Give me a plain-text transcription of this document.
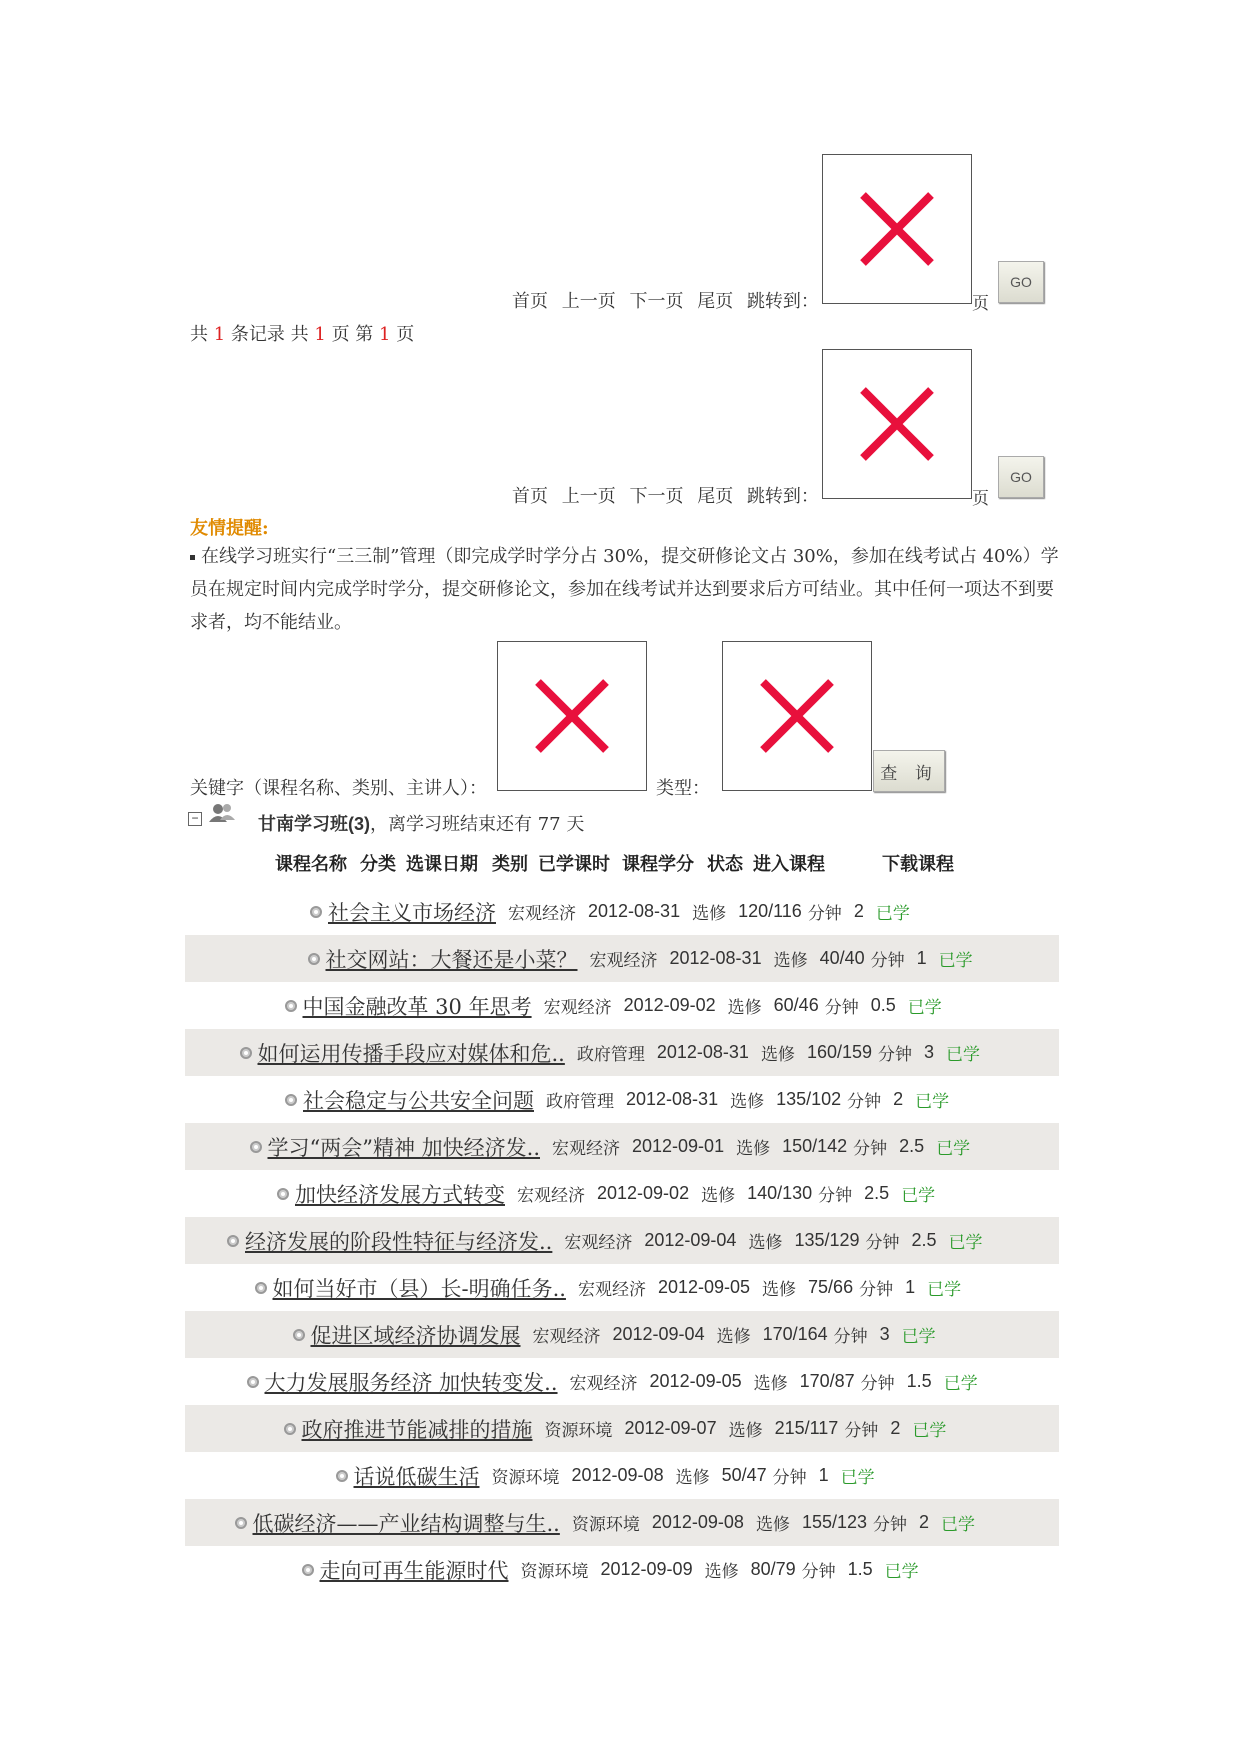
首页 上一页 下一页 尾页 跳转到：	页
GO
共 1 条记录 共 1 页 第 1 页
首页 上一页 下一页 尾页 跳转到：	页
GO
友情提醒:
在线学习班实行“三三制”管理（即完成学时学分占 30%，提交研修论文占 30%，参加在线考试占 40%）学员在规定时间内完成学时学分，提交研修论文，参加在线考试并达到要求后方可结业。其中任何一项达不到要求者，均不能结业。
关键字（课程名称、类别、主讲人）：	类型：
查 询
−	甘南学习班(3)，离学习班结束还有 77 天
课程名称 分类 选课日期 类别 已学课时 课程学分 状态 进入课程	下载课程
社会主义市场经济 宏观经济 2012-08-31 选修 120/116 分钟 2 已学
社交网站：大餐还是小菜？ 宏观经济 2012-08-31 选修 40/40 分钟 1 已学
中国金融改革 30 年思考 宏观经济 2012-09-02 选修 60/46 分钟 0.5 已学
如何运用传播手段应对媒体和危.. 政府管理 2012-08-31 选修 160/159 分钟 3 已学
社会稳定与公共安全问题 政府管理 2012-08-31 选修 135/102 分钟 2 已学
学习“两会”精神 加快经济发.. 宏观经济 2012-09-01 选修 150/142 分钟 2.5 已学
加快经济发展方式转变 宏观经济 2012-09-02 选修 140/130 分钟 2.5 已学
经济发展的阶段性特征与经济发.. 宏观经济 2012-09-04 选修 135/129 分钟 2.5 已学
如何当好市（县）长-明确任务.. 宏观经济 2012-09-05 选修 75/66 分钟 1 已学
促进区域经济协调发展 宏观经济 2012-09-04 选修 170/164 分钟 3 已学
大力发展服务经济 加快转变发.. 宏观经济 2012-09-05 选修 170/87 分钟 1.5 已学
政府推进节能减排的措施 资源环境 2012-09-07 选修 215/117 分钟 2 已学
话说低碳生活 资源环境 2012-09-08 选修 50/47 分钟 1 已学
低碳经济——产业结构调整与生.. 资源环境 2012-09-08 选修 155/123 分钟 2 已学
走向可再生能源时代 资源环境 2012-09-09 选修 80/79 分钟 1.5 已学
